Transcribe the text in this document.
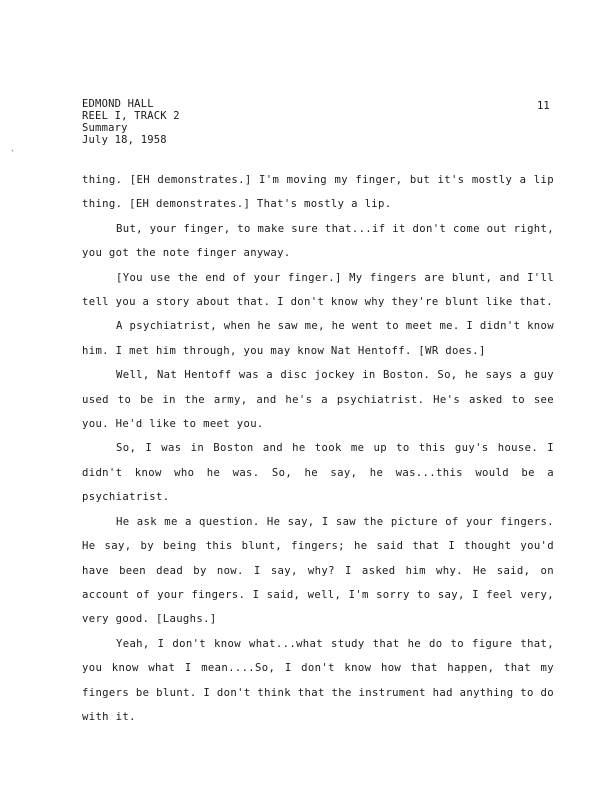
EDMOND HALL
REEL I, TRACK 2
Summary
July 18, 1958
11
`

thing. [EH demonstrates.] I'm moving my finger, but it's mostly a lip thing. [EH demonstrates.] That's mostly a lip.

But, your finger, to make sure that...if it don't come out right, you got the note finger anyway.

[You use the end of your finger.] My fingers are blunt, and I'll tell you a story about that. I don't know why they're blunt like that.

A psychiatrist, when he saw me, he went to meet me. I didn't know him. I met him through, you may know Nat Hentoff. [WR does.]

Well, Nat Hentoff was a disc jockey in Boston. So, he says a guy used to be in the army, and he's a psychiatrist. He's asked to see you. He'd like to meet you.

So, I was in Boston and he took me up to this guy's house. I didn't know who he was. So, he say, he was...this would be a psychiatrist.

He ask me a question. He say, I saw the picture of your fingers. He say, by being this blunt, fingers; he said that I thought you'd have been dead by now. I say, why? I asked him why. He said, on account of your fingers. I said, well, I'm sorry to say, I feel very, very good. [Laughs.]

Yeah, I don't know what...what study that he do to figure that, you know what I mean....So, I don't know how that happen, that my fingers be blunt. I don't think that the instrument had anything to do with it.
